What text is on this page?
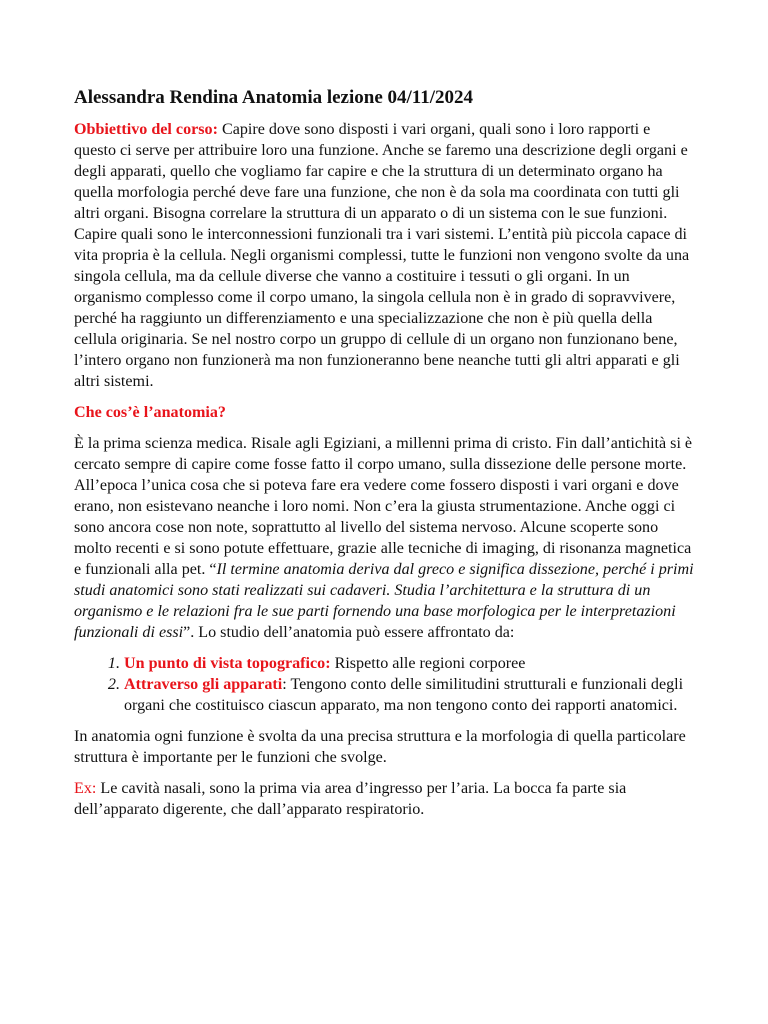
Alessandra Rendina Anatomia lezione 04/11/2024

Obbiettivo del corso: Capire dove sono disposti i vari organi, quali sono i loro rapporti e questo ci serve per attribuire loro una funzione. Anche se faremo una descrizione degli organi e degli apparati, quello che vogliamo far capire e che la struttura di un determinato organo ha quella morfologia perché deve fare una funzione, che non è da sola ma coordinata con tutti gli altri organi. Bisogna correlare la struttura di un apparato o di un sistema con le sue funzioni. Capire quali sono le interconnessioni funzionali tra i vari sistemi. L’entità più piccola capace di vita propria è la cellula. Negli organismi complessi, tutte le funzioni non vengono svolte da una singola cellula, ma da cellule diverse che vanno a costituire i tessuti o gli organi. In un organismo complesso come il corpo umano, la singola cellula non è in grado di sopravvivere, perché ha raggiunto un differenziamento e una specializzazione che non è più quella della cellula originaria. Se nel nostro corpo un gruppo di cellule di un organo non funzionano bene, l’intero organo non funzionerà ma non funzioneranno bene neanche tutti gli altri apparati e gli altri sistemi.

Che cos’è l’anatomia?

È la prima scienza medica. Risale agli Egiziani, a millenni prima di cristo. Fin dall’antichità si è cercato sempre di capire come fosse fatto il corpo umano, sulla dissezione delle persone morte. All’epoca l’unica cosa che si poteva fare era vedere come fossero disposti i vari organi e dove erano, non esistevano neanche i loro nomi. Non c’era la giusta strumentazione. Anche oggi ci sono ancora cose non note, soprattutto al livello del sistema nervoso. Alcune scoperte sono molto recenti e si sono potute effettuare, grazie alle tecniche di imaging, di risonanza magnetica e funzionali alla pet. “Il termine anatomia deriva dal greco e significa dissezione, perché i primi studi anatomici sono stati realizzati sui cadaveri. Studia l’architettura e la struttura di un organismo e le relazioni fra le sue parti fornendo una base morfologica per le interpretazioni funzionali di essi”. Lo studio dell’anatomia può essere affrontato da:

1. Un punto di vista topografico: Rispetto alle regioni corporee
2. Attraverso gli apparati: Tengono conto delle similitudini strutturali e funzionali degli organi che costituisco ciascun apparato, ma non tengono conto dei rapporti anatomici.

In anatomia ogni funzione è svolta da una precisa struttura e la morfologia di quella particolare struttura è importante per le funzioni che svolge.

Ex: Le cavità nasali, sono la prima via area d’ingresso per l’aria. La bocca fa parte sia dell’apparato digerente, che dall’apparato respiratorio.
